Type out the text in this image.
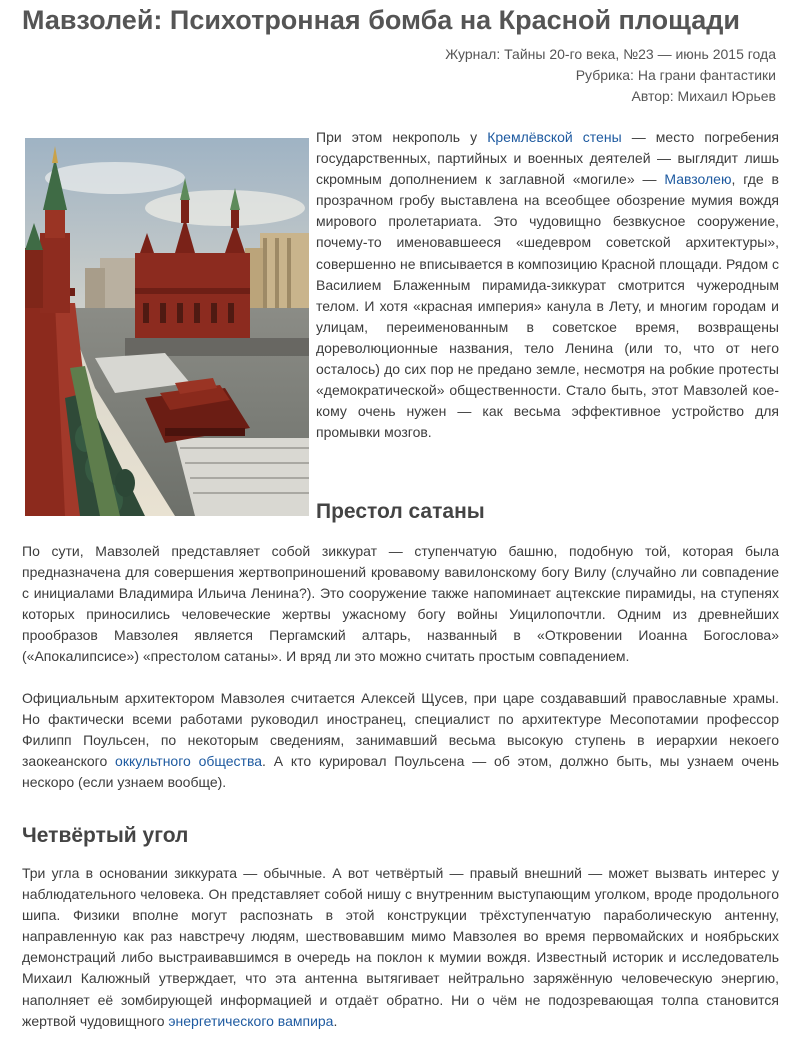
Мавзолей: Психотронная бомба на Красной площади
Журнал: Тайны 20-го века, №23 — июнь 2015 года
Рубрика: На грани фантастики
Автор: Михаил Юрьев

При этом некрополь у Кремлёвской стены — место погребения государственных, партийных и военных деятелей — выглядит лишь скромным дополнением к заглавной «могиле» — Мавзолею, где в прозрачном гробу выставлена на всеобщее обозрение мумия вождя мирового пролетариата. Это чудовищно безвкусное сооружение, почему-то именовавшееся «шедевром советской архитектуры», совершенно не вписывается в композицию Красной площади. Рядом с Василием Блаженным пирамида-зиккурат смотрится чужеродным телом. И хотя «красная империя» канула в Лету, и многим городам и улицам, переименованным в советское время, возвращены дореволюционные названия, тело Ленина (или то, что от него осталось) до сих пор не предано земле, несмотря на робкие протесты «демократической» общественности. Стало быть, этот Мавзолей кое-кому очень нужен — как весьма эффективное устройство для промывки мозгов.

Престол сатаны

По сути, Мавзолей представляет собой зиккурат — ступенчатую башню, подобную той, которая была предназначена для совершения жертвоприношений кровавому вавилонскому богу Вилу (случайно ли совпадение с инициалами Владимира Ильича Ленина?). Это сооружение также напоминает ацтекские пирамиды, на ступенях которых приносились человеческие жертвы ужасному богу войны Уицилопочтли. Одним из древнейших прообразов Мавзолея является Пергамский алтарь, названный в «Откровении Иоанна Богослова» («Апокалипсисе») «престолом сатаны». И вряд ли это можно считать простым совпадением.

Официальным архитектором Мавзолея считается Алексей Щусев, при царе создававший православные храмы. Но фактически всеми работами руководил иностранец, специалист по архитектуре Месопотамии профессор Филипп Поульсен, по некоторым сведениям, занимавший весьма высокую ступень в иерархии некоего заокеанского оккультного общества. А кто курировал Поульсена — об этом, должно быть, мы узнаем очень нескоро (если узнаем вообще).

Четвёртый угол

Три угла в основании зиккурата — обычные. А вот четвёртый — правый внешний — может вызвать интерес у наблюдательного человека. Он представляет собой нишу с внутренним выступающим уголком, вроде продольного шипа. Физики вполне могут распознать в этой конструкции трёхступенчатую параболическую антенну, направленную как раз навстречу людям, шествовавшим мимо Мавзолея во время первомайских и ноябрьских демонстраций либо выстраивавшимся в очередь на поклон к мумии вождя. Известный историк и исследователь Михаил Калюжный утверждает, что эта антенна вытягивает нейтрально заряжённую человеческую энергию, наполняет её зомбирующей информацией и отдаёт обратно. Ни о чём не подозревающая толпа становится жертвой чудовищного энергетического вампира.
